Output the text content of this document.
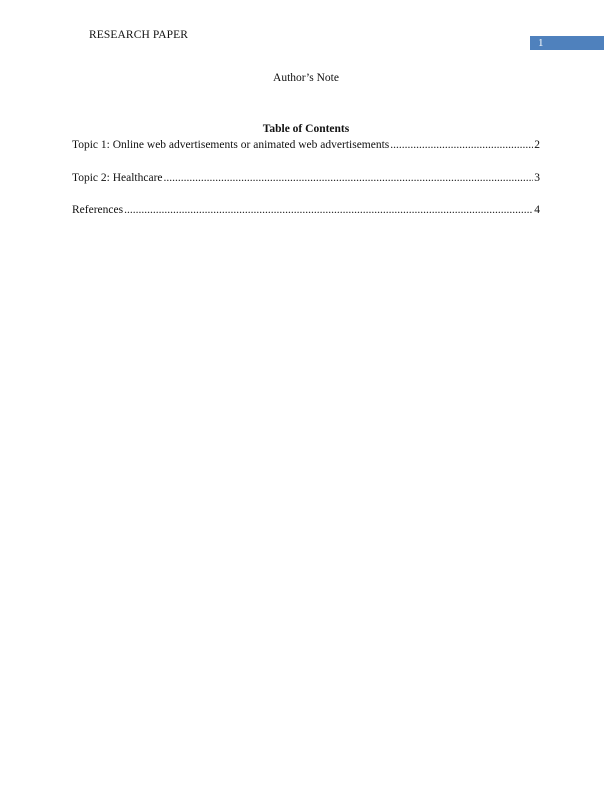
RESEARCH PAPER
1
Author’s Note
Table of Contents
Topic 1: Online web advertisements or animated web advertisements .....	2
Topic 2: Healthcare .....	3
References .....	4
